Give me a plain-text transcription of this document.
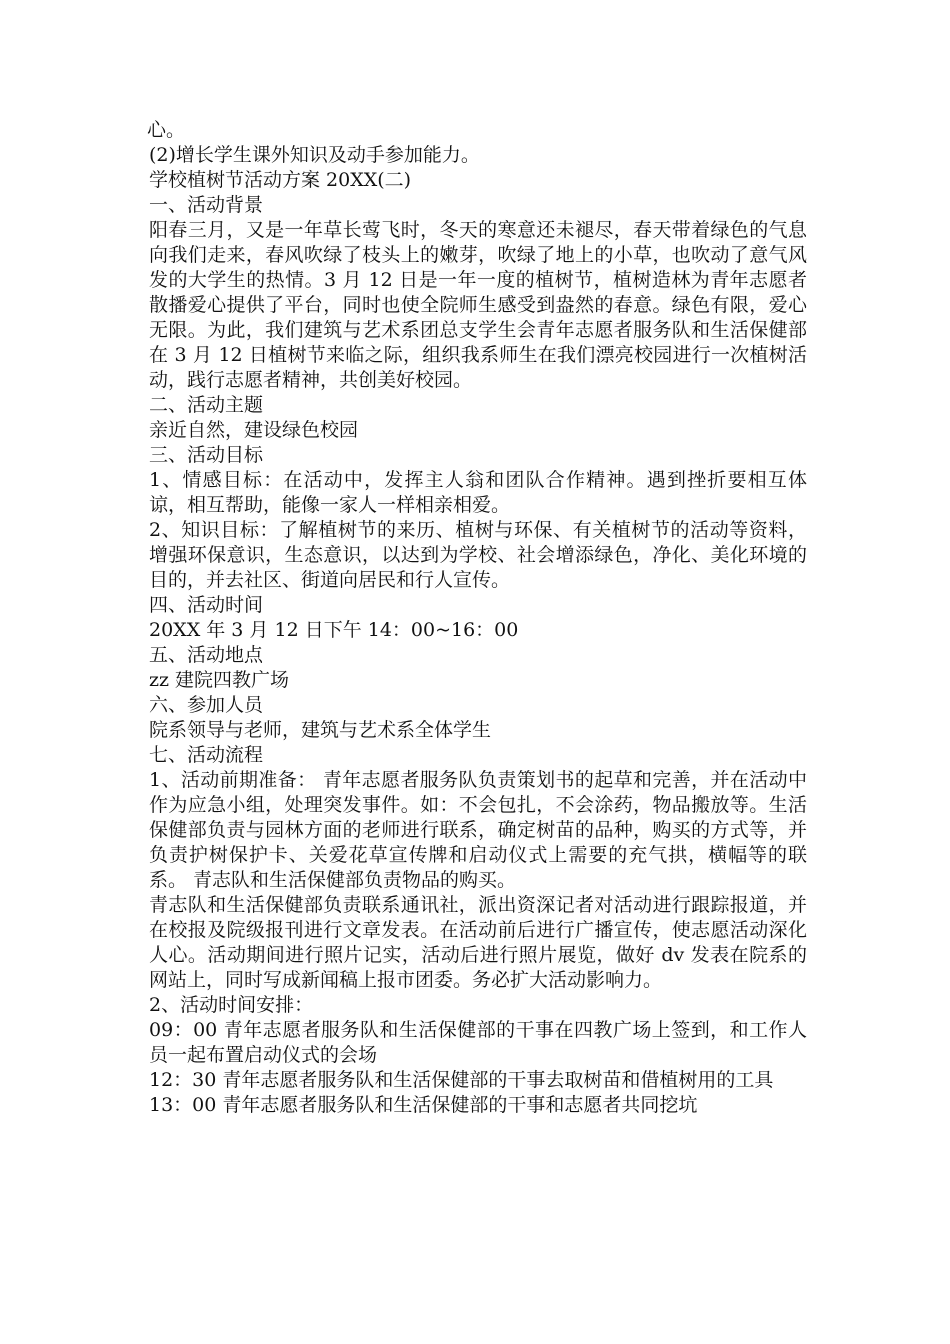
心。

(2)增长学生课外知识及动手参加能力。

学校植树节活动方案 20XX(二)

一、活动背景

阳春三月，又是一年草长莺飞时，冬天的寒意还未褪尽，春天带着绿色的气息向我们走来，春风吹绿了枝头上的嫩芽，吹绿了地上的小草，也吹动了意气风发的大学生的热情。3 月 12 日是一年一度的植树节，植树造林为青年志愿者散播爱心提供了平台，同时也使全院师生感受到盎然的春意。绿色有限，爱心无限。为此，我们建筑与艺术系团总支学生会青年志愿者服务队和生活保健部在 3 月 12 日植树节来临之际，组织我系师生在我们漂亮校园进行一次植树活动，践行志愿者精神，共创美好校园。

二、活动主题

亲近自然，建设绿色校园

三、活动目标

1、情感目标：在活动中，发挥主人翁和团队合作精神。遇到挫折要相互体谅，相互帮助，能像一家人一样相亲相爱。

2、知识目标：了解植树节的来历、植树与环保、有关植树节的活动等资料，增强环保意识，生态意识，以达到为学校、社会增添绿色，净化、美化环境的目的，并去社区、街道向居民和行人宣传。

四、活动时间

20XX 年 3 月 12 日下午 14：00~16：00

五、活动地点

zz 建院四教广场

六、参加人员

院系领导与老师，建筑与艺术系全体学生

七、活动流程

1、活动前期准备： 青年志愿者服务队负责策划书的起草和完善，并在活动中作为应急小组，处理突发事件。如：不会包扎，不会涂药，物品搬放等。生活保健部负责与园林方面的老师进行联系，确定树苗的品种，购买的方式等，并负责护树保护卡、关爱花草宣传牌和启动仪式上需要的充气拱，横幅等的联系。 青志队和生活保健部负责物品的购买。

青志队和生活保健部负责联系通讯社，派出资深记者对活动进行跟踪报道，并在校报及院级报刊进行文章发表。在活动前后进行广播宣传，使志愿活动深化人心。活动期间进行照片记实，活动后进行照片展览，做好 dv 发表在院系的网站上，同时写成新闻稿上报市团委。务必扩大活动影响力。

2、活动时间安排：

09：00 青年志愿者服务队和生活保健部的干事在四教广场上签到，和工作人员一起布置启动仪式的会场

12：30 青年志愿者服务队和生活保健部的干事去取树苗和借植树用的工具

13：00 青年志愿者服务队和生活保健部的干事和志愿者共同挖坑
